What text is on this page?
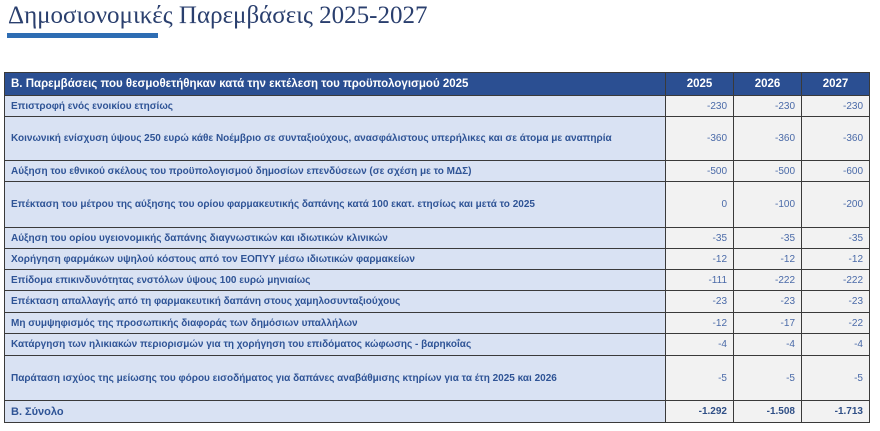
Δημοσιονομικές Παρεμβάσεις 2025-2027
Β. Παρεμβάσεις που θεσμοθετήθηκαν κατά την εκτέλεση του προϋπολογισμού 2025	2025	2026	2027
Επιστροφή ενός ενοικίου ετησίως	-230	-230	-230
Κοινωνική ενίσχυση ύψους 250 ευρώ κάθε Νοέμβριο σε συνταξιούχους, ανασφάλιστους υπερήλικες και σε άτομα με αναπηρία	-360	-360	-360
Αύξηση του εθνικού σκέλους του προϋπολογισμού δημοσίων επενδύσεων (σε σχέση με το ΜΔΣ)	-500	-500	-600
Επέκταση του μέτρου της αύξησης του ορίου φαρμακευτικής δαπάνης κατά 100 εκατ. ετησίως και μετά το 2025	0	-100	-200
Αύξηση του ορίου υγειονομικής δαπάνης διαγνωστικών και ιδιωτικών κλινικών	-35	-35	-35
Χορήγηση φαρμάκων υψηλού κόστους από τον ΕΟΠΥΥ μέσω ιδιωτικών φαρμακείων	-12	-12	-12
Επίδομα επικινδυνότητας ενστόλων ύψους 100 ευρώ μηνιαίως	-111	-222	-222
Επέκταση απαλλαγής από τη φαρμακευτική δαπάνη στους χαμηλοσυνταξιούχους	-23	-23	-23
Μη συμψηφισμός της προσωπικής διαφοράς των δημόσιων υπαλλήλων	-12	-17	-22
Κατάργηση των ηλικιακών περιορισμών για τη χορήγηση του επιδόματος κώφωσης - βαρηκοΐας	-4	-4	-4
Παράταση ισχύος της μείωσης του φόρου εισοδήματος για δαπάνες αναβάθμισης κτηρίων για τα έτη 2025 και 2026	-5	-5	-5
Β. Σύνολο	-1.292	-1.508	-1.713
